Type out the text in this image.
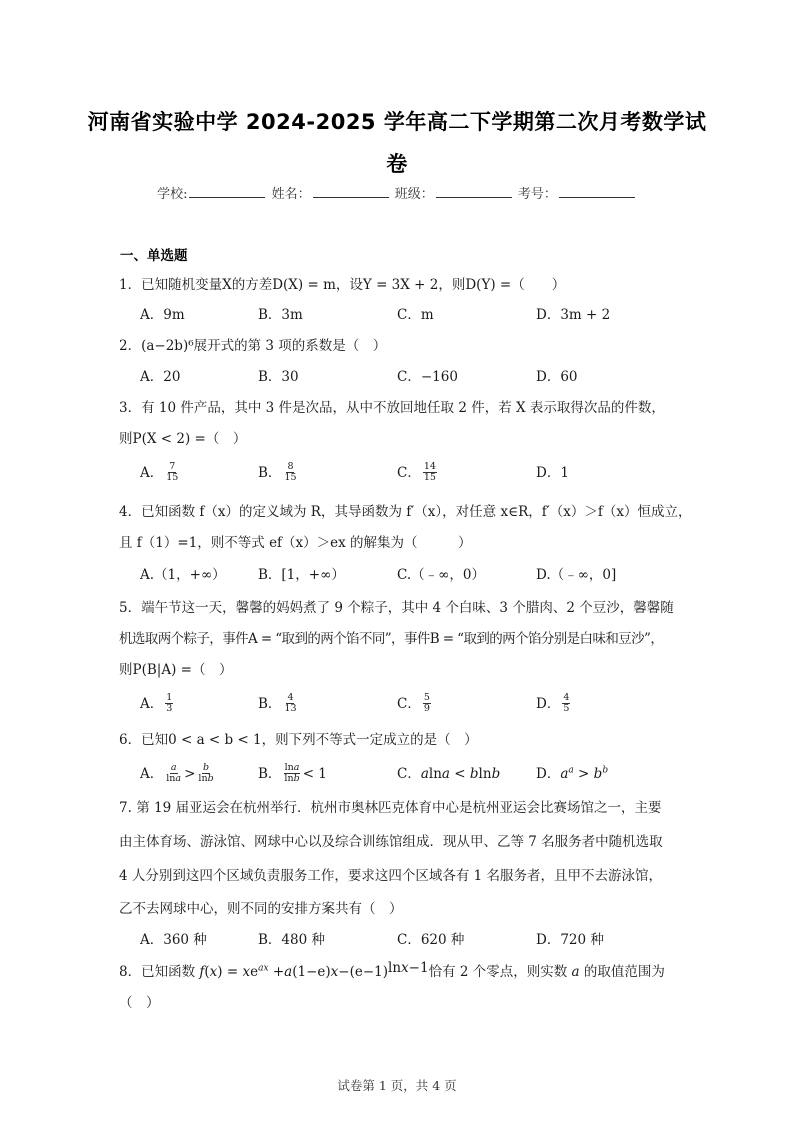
河南省实验中学 2024-2025 学年高二下学期第二次月考数学试
卷
学校:	姓名：	班级：	考号：
一、单选题
1．已知随机变量X的方差D(X) = m，设Y = 3X + 2，则D(Y) =（　　）
A．9m	B．3m	C．m	D．3m + 2
2．(a−2b)⁶展开式的第 3 项的系数是（　）
A．20	B．30	C．−160	D．60
3．有 10 件产品，其中 3 件是次品，从中不放回地任取 2 件，若 X 表示取得次品的件数，
则P(X < 2) =（　）
A． $\frac{7}{15}$	B． $\frac{8}{15}$	C． $\frac{14}{15}$	D．1
4．已知函数 f（x）的定义域为 R，其导函数为 f′（x），对任意 x∈R，f′（x）＞f（x）恒成立，
且 f（1）=1，则不等式 ef（x）＞ex 的解集为（　　　）
A.（1，+∞） B．[1，+∞）	C.（﹣∞，0）	D.（﹣∞，0]
5．端午节这一天，馨馨的妈妈煮了 9 个粽子，其中 4 个白味、3 个腊肉、2 个豆沙，馨馨随
机选取两个粽子，事件A = “取到的两个馅不同”，事件B = “取到的两个馅分别是白味和豆沙”，
则P(B|A) =（　）
A． $\frac{1}{3}$	B． $\frac{4}{13}$	C． $\frac{5}{9}$	D． $\frac{4}{5}$
6．已知0 < a < b < 1，则下列不等式一定成立的是（　）
A． $\frac{a}{\ln a} > \frac{b}{\ln b}$	B． $\frac{\ln a}{\ln b} < 1$	C．alna < blnb	D．$a^a > b^b$
7. 第 19 届亚运会在杭州举行．杭州市奥林匹克体育中心是杭州亚运会比赛场馆之一，主要
由主体育场、游泳馆、网球中心以及综合训练馆组成．现从甲、乙等 7 名服务者中随机选取
4 人分别到这四个区域负责服务工作，要求这四个区域各有 1 名服务者，且甲不去游泳馆，
乙不去网球中心，则不同的安排方案共有（　）
A．360 种	B．480 种	C．620 种	D．720 种
8．已知函数 $f(x) = xe^{ax} +a(1-e)x-(e-1)\ln x-1$恰有 2 个零点，则实数 a 的取值范围为
（　）
试卷第 1 页，共 4 页
